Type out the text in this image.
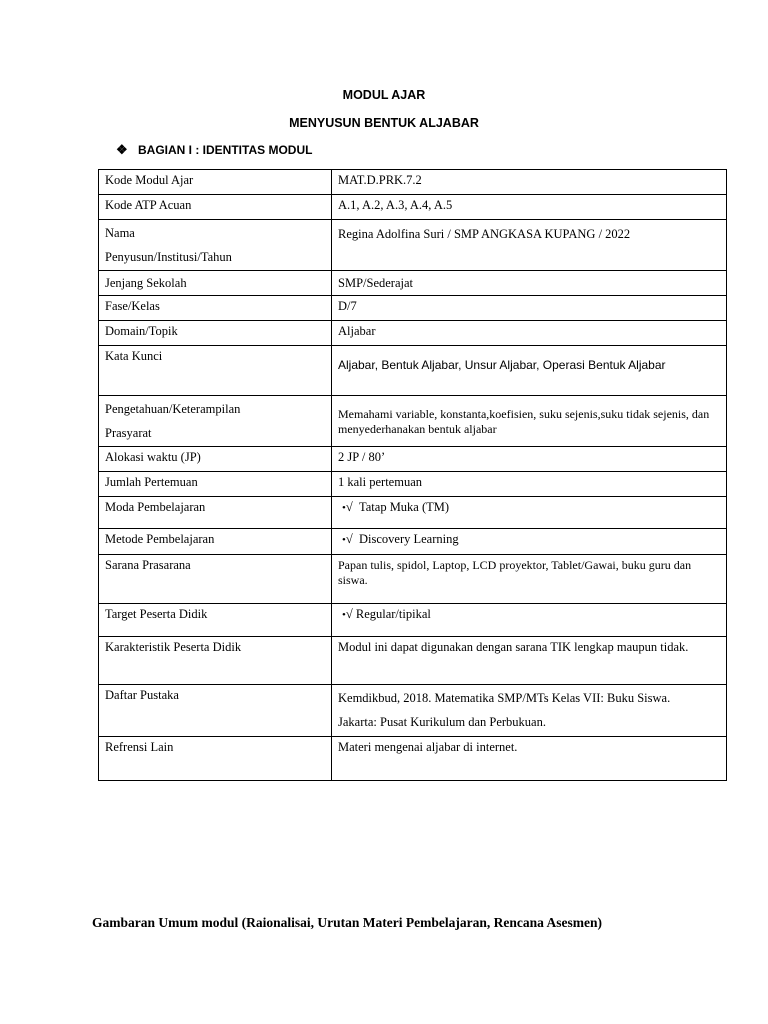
MODUL AJAR
MENYUSUN BENTUK ALJABAR
❖ BAGIAN I : IDENTITAS MODUL
Kode Modul Ajar	MAT.D.PRK.7.2
Kode ATP Acuan	A.1, A.2, A.3, A.4, A.5

Nama
Penyusun/Institusi/Tahun	Regina Adolfina Suri / SMP ANGKASA KUPANG / 2022
Jenjang Sekolah	SMP/Sederajat
Fase/Kelas	D/7
Domain/Topik	Aljabar
Kata Kunci	Aljabar, Bentuk Aljabar, Unsur Aljabar, Operasi Bentuk Aljabar

Pengetahuan/Keterampilan
Prasyarat	Memahami variable, konstanta,koefisien, suku sejenis,suku tidak sejenis, dan menyederhanakan bentuk aljabar
Alokasi waktu (JP)	2 JP / 80’
Jumlah Pertemuan	1 kali pertemuan
Moda Pembelajaran	•√ Tatap Muka (TM)
Metode Pembelajaran	•√ Discovery Learning
Sarana Prasarana	Papan tulis, spidol, Laptop, LCD proyektor, Tablet/Gawai, buku guru dan siswa.
Target Peserta Didik	•√ Regular/tipikal
Karakteristik Peserta Didik	Modul ini dapat digunakan dengan sarana TIK lengkap maupun tidak.
Daftar Pustaka	Kemdikbud, 2018. Matematika SMP/MTs Kelas VII: Buku Siswa.
Jakarta: Pusat Kurikulum dan Perbukuan.

Refrensi Lain	Materi mengenai aljabar di internet.
Gambaran Umum modul (Raionalisai, Urutan Materi Pembelajaran, Rencana Asesmen)
